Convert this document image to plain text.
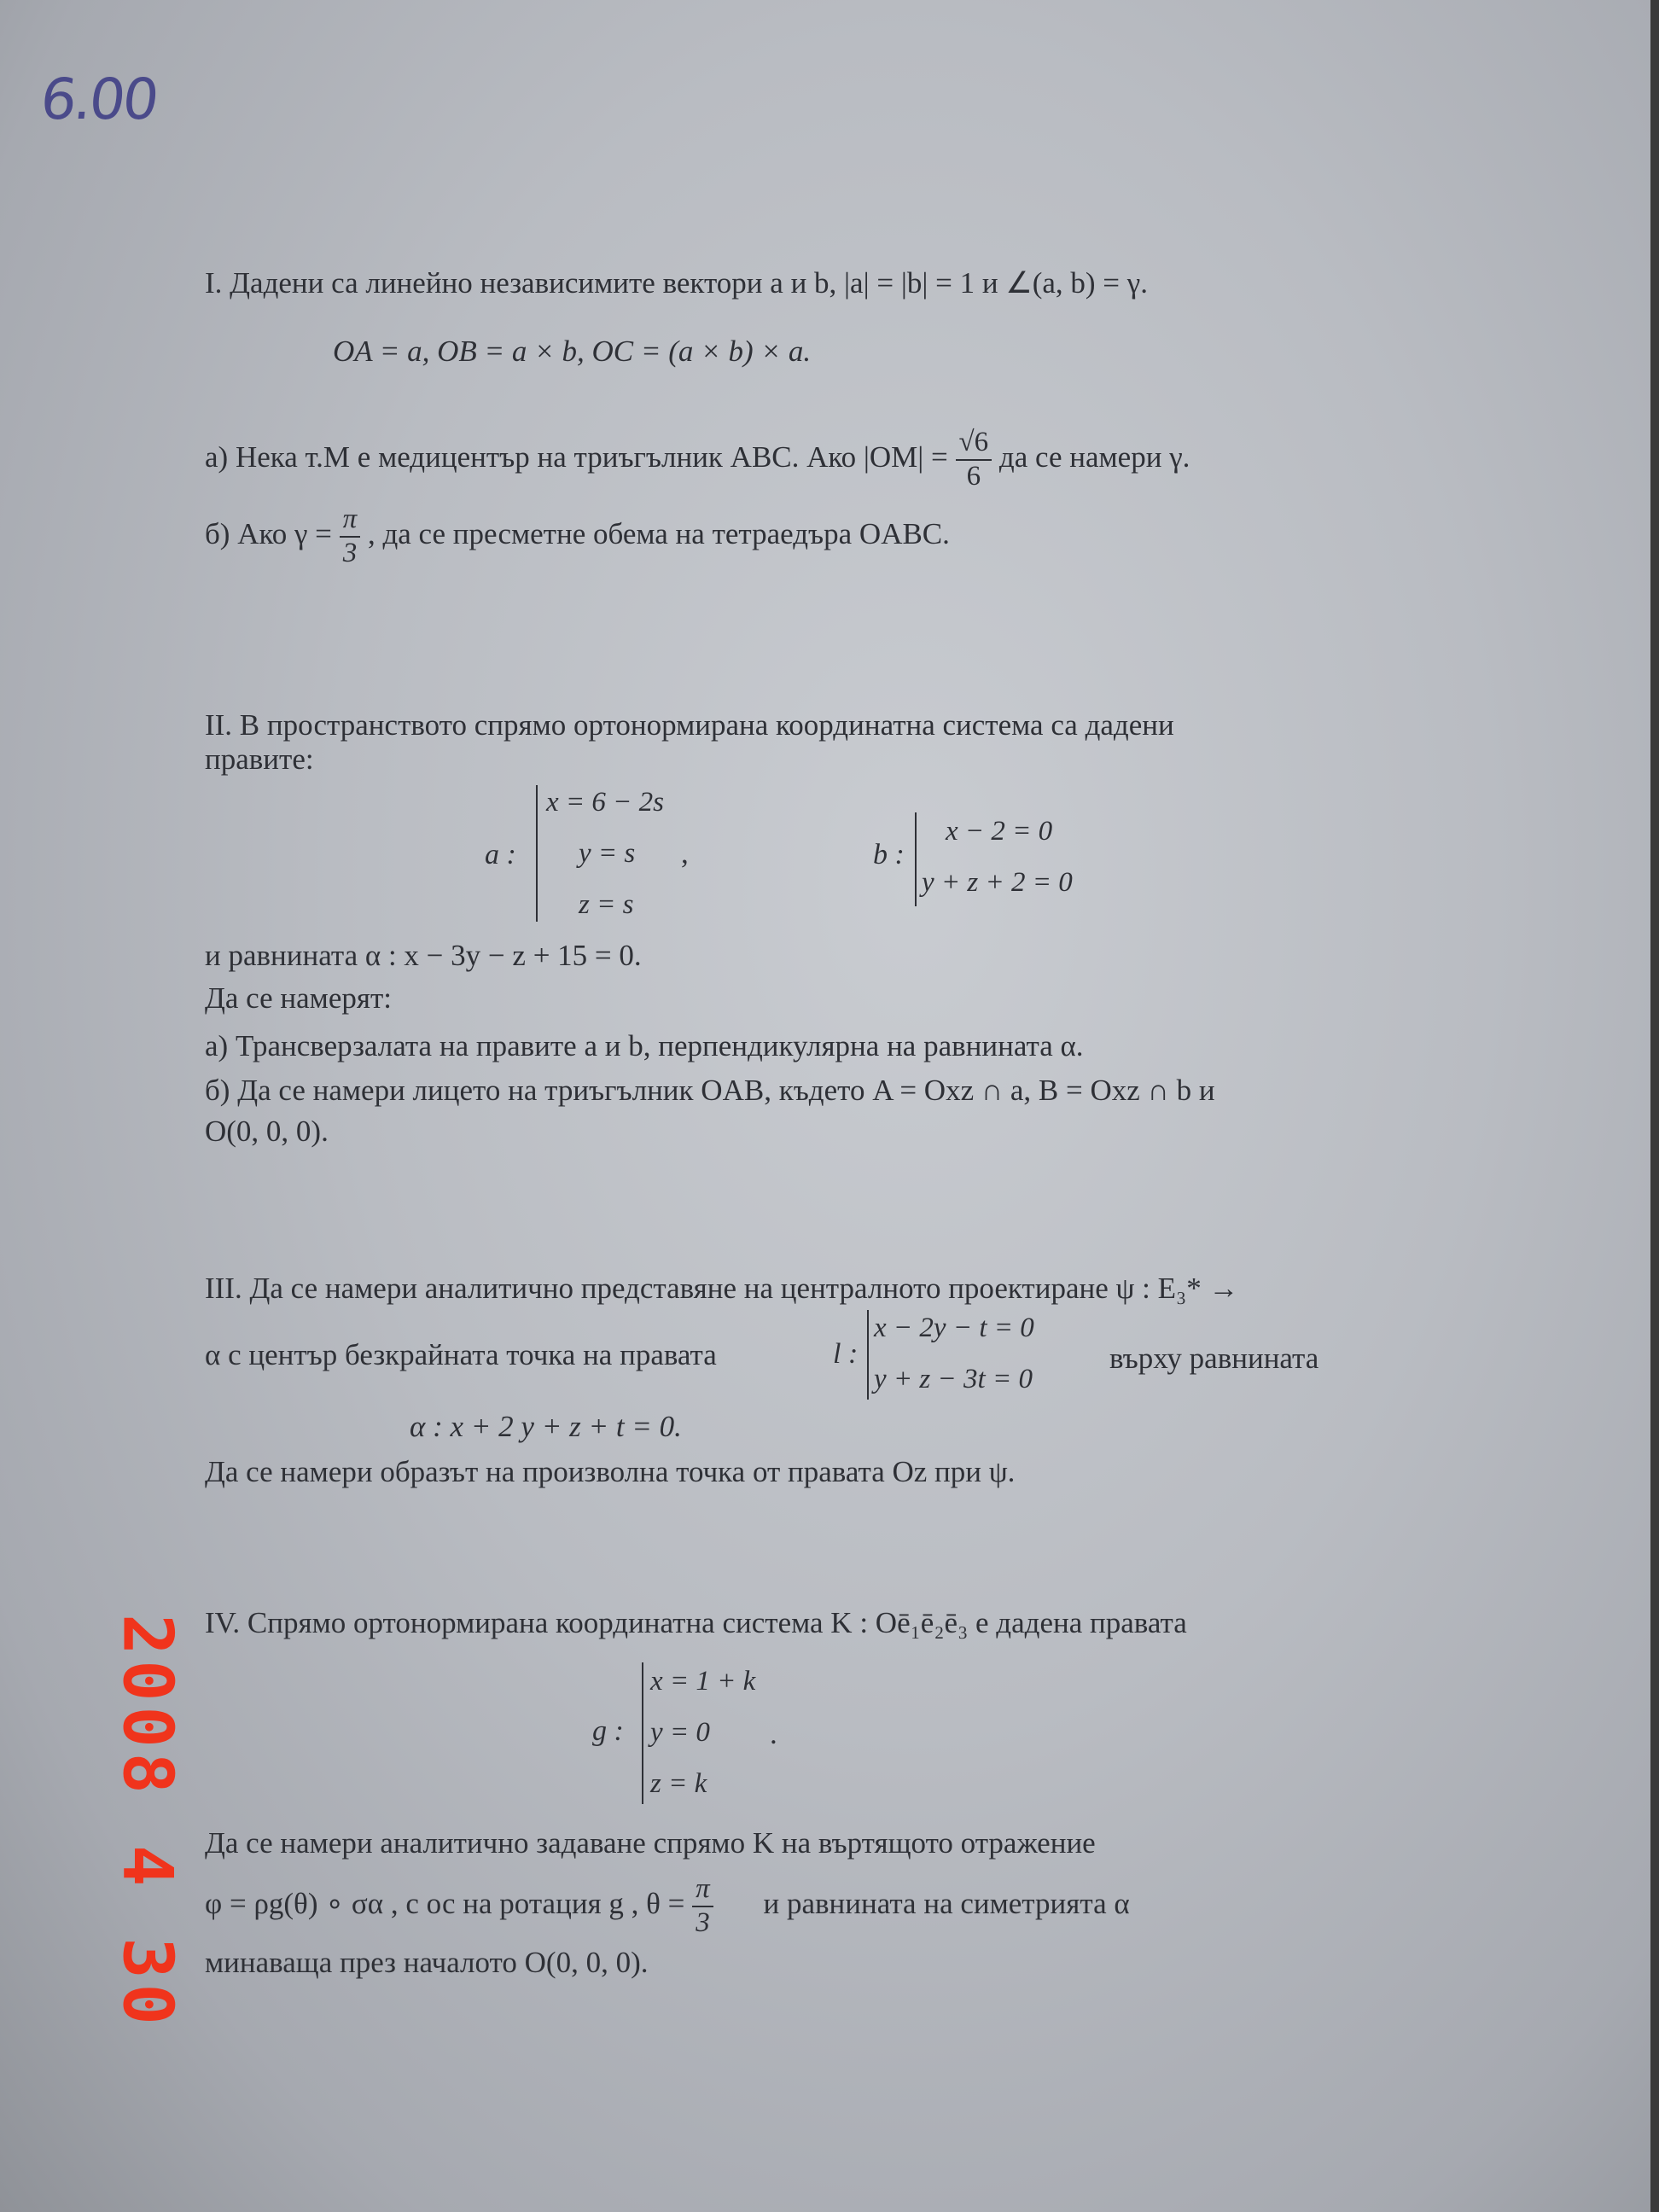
6.00
2008 4 30
I. Дадени са линейно независимите вектори a и b, |a| = |b| = 1 и ∠(a, b) = γ.
OA = a, OB = a × b, OC = (a × b) × a.
а) Нека т.M е медицентър на триъгълник ABC. Ако $|OM| = \frac{√6}{6}$ да се намери γ.
б) Ако $\gamma = \frac{\pi}{3}$ , да се пресметне обема на тетраедъра OABC.
II. В пространството спрямо ортонормирана координатна система са дадени
правите:
a :
x = 6 − 2s
y = s
z = s
,	b :
x − 2 = 0
y + z + 2 = 0
и равнината α : x − 3y − z + 15 = 0.
Да се намерят:
а) Трансверзалата на правите a и b, перпендикулярна на равнината α.
б) Да се намери лицето на триъгълник OAB, където A = Oxz ∩ a, B = Oxz ∩ b и
O(0, 0, 0).
III. Да се намери аналитично представяне на централното проектиране ψ : E₃* →
α с център безкрайната точка на правата	l :
x − 2y − t = 0
y + z − 3t = 0
върху равнината
α : x + 2 y + z + t = 0.
Да се намери образът на произволна точка от правата Oz при ψ.
IV. Спрямо ортонормирана координатна система K : Oē₁ē₂ē₃ е дадена правата
g :
x = 1 + k
y = 0
z = k
.
Да се намери аналитично задаване спрямо K на въртящото отражение
φ = ρg(θ) ∘ σα , с ос на ротация g , $\theta = \frac{\pi}{3}$ и равнината на симетрията α
минаваща през началото O(0, 0, 0).
